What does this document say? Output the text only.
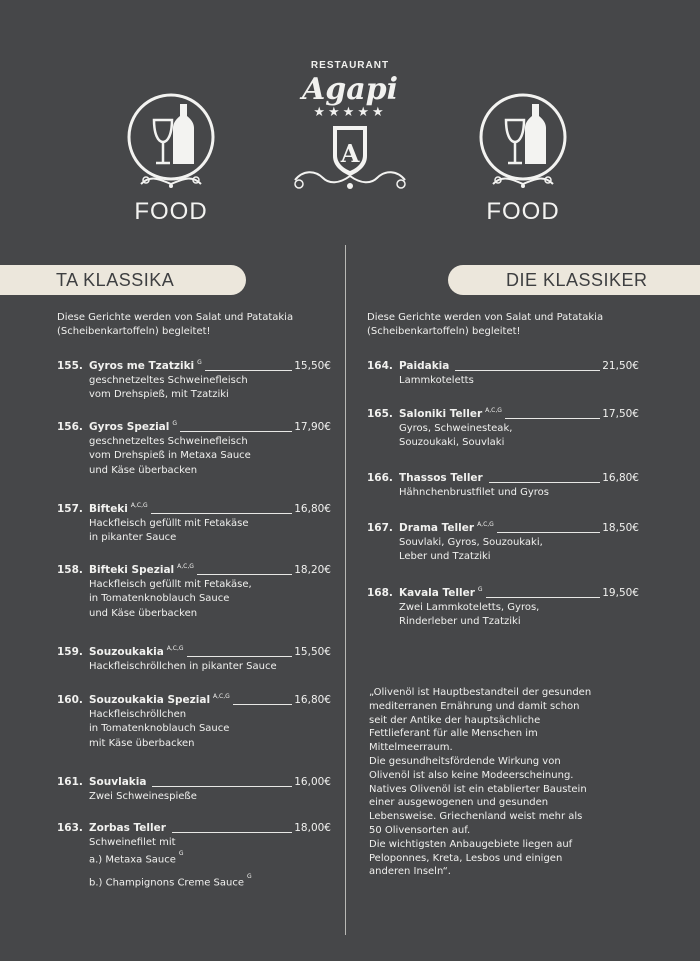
FOOD
RESTAURANT
Agapi
★★★★★
A
FOOD
TA KLASSIKA	DIE KLASSIKER
Diese Gerichte werden von Salat und Patatakia (Scheibenkartoffeln) begleitet!
Diese Gerichte werden von Salat und Patatakia (Scheibenkartoffeln) begleitet!
155. Gyros me Tzatziki G	15,50€
geschnetzeltes Schweinefleisch
vom Drehspieß, mit Tzatziki
156. Gyros Spezial G	17,90€
geschnetzeltes Schweinefleisch
vom Drehspieß in Metaxa Sauce
und Käse überbacken
157. Bifteki A,C,G	16,80€
Hackfleisch gefüllt mit Fetakäse
in pikanter Sauce
158. Bifteki Spezial A,C,G	18,20€
Hackfleisch gefüllt mit Fetakäse,
in Tomatenknoblauch Sauce
und Käse überbacken
159. Souzoukakia A,C,G	15,50€
Hackfleischröllchen in pikanter Sauce
160. Souzoukakia Spezial A,C,G	16,80€
Hackfleischröllchen
in Tomatenknoblauch Sauce
mit Käse überbacken
161. Souvlakia	16,00€
Zwei Schweinespieße
163. Zorbas Teller	18,00€
Schweinefilet mit
a.) Metaxa Sauce$^G$
b.) Champignons Creme Sauce$^G$
164. Paidakia	21,50€
Lammkoteletts
165. Saloniki Teller A,C,G	17,50€
Gyros, Schweinesteak,
Souzoukaki, Souvlaki
166. Thassos Teller	16,80€
Hähnchenbrustfilet und Gyros
167. Drama Teller A,C,G	18,50€
Souvlaki, Gyros, Souzoukaki,
Leber und Tzatziki
168. Kavala Teller G	19,50€
Zwei Lammkoteletts, Gyros,
Rinderleber und Tzatziki
„Olivenöl ist Hauptbestandteil der gesunden
mediterranen Ernährung und damit schon
seit der Antike der hauptsächliche
Fettlieferant für alle Menschen im
Mittelmeerraum.
Die gesundheitsfördende Wirkung von
Olivenöl ist also keine Modeerscheinung.
Natives Olivenöl ist ein etablierter Baustein
einer ausgewogenen und gesunden
Lebensweise. Griechenland weist mehr als
50 Olivensorten auf.
Die wichtigsten Anbaugebiete liegen auf
Peloponnes, Kreta, Lesbos und einigen
anderen Inseln“.
